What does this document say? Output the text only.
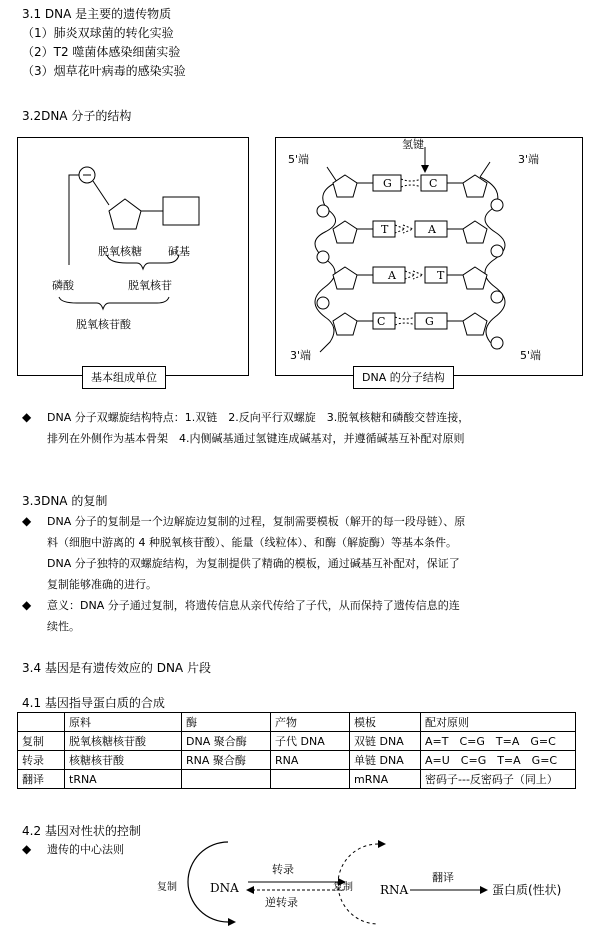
3.1 DNA 是主要的遗传物质
（1）肺炎双球菌的转化实验
（2）T2 噬菌体感染细菌实验
（3）烟草花叶病毒的感染实验
3.2DNA 分子的结构
脱氧核糖 碱基
磷酸	脱氧核苷
脱氧核苷酸
基本组成单位
氢键
5'端	3'端
3'端	5'端
G	C
T	A
A	T
C	G
DNA 的分子结构
◆ DNA 分子双螺旋结构特点：1.双链　2.反向平行双螺旋　3.脱氧核糖和磷酸交替连接，
排列在外侧作为基本骨架　4.内侧碱基通过氢键连成碱基对，并遵循碱基互补配对原则
3.3DNA 的复制
◆ DNA 分子的复制是一个边解旋边复制的过程，复制需要模板（解开的每一段母链）、原
料（细胞中游离的 4 种脱氧核苷酸）、能量（线粒体）、和酶（解旋酶）等基本条件。
DNA 分子独特的双螺旋结构，为复制提供了精确的模板，通过碱基互补配对，保证了
复制能够准确的进行。
◆ 意义：DNA 分子通过复制，将遗传信息从亲代传给了子代，从而保持了遗传信息的连
续性。
3.4 基因是有遗传效应的 DNA 片段
4.1 基因指导蛋白质的合成
	原料	酶	产物	模板	配对原则
复制	脱氧核糖核苷酸	DNA 聚合酶	子代 DNA	双链 DNA	A=T　C=G　T=A　G=C
转录	核糖核苷酸	RNA 聚合酶	RNA	单链 DNA	A=U　C=G　T=A　G=C
翻译	tRNA			mRNA	密码子---反密码子（同上）
4.2 基因对性状的控制
◆ 遗传的中心法则
复制	DNA
转录
逆转录
复制 RNA
翻译
蛋白质(性状)
